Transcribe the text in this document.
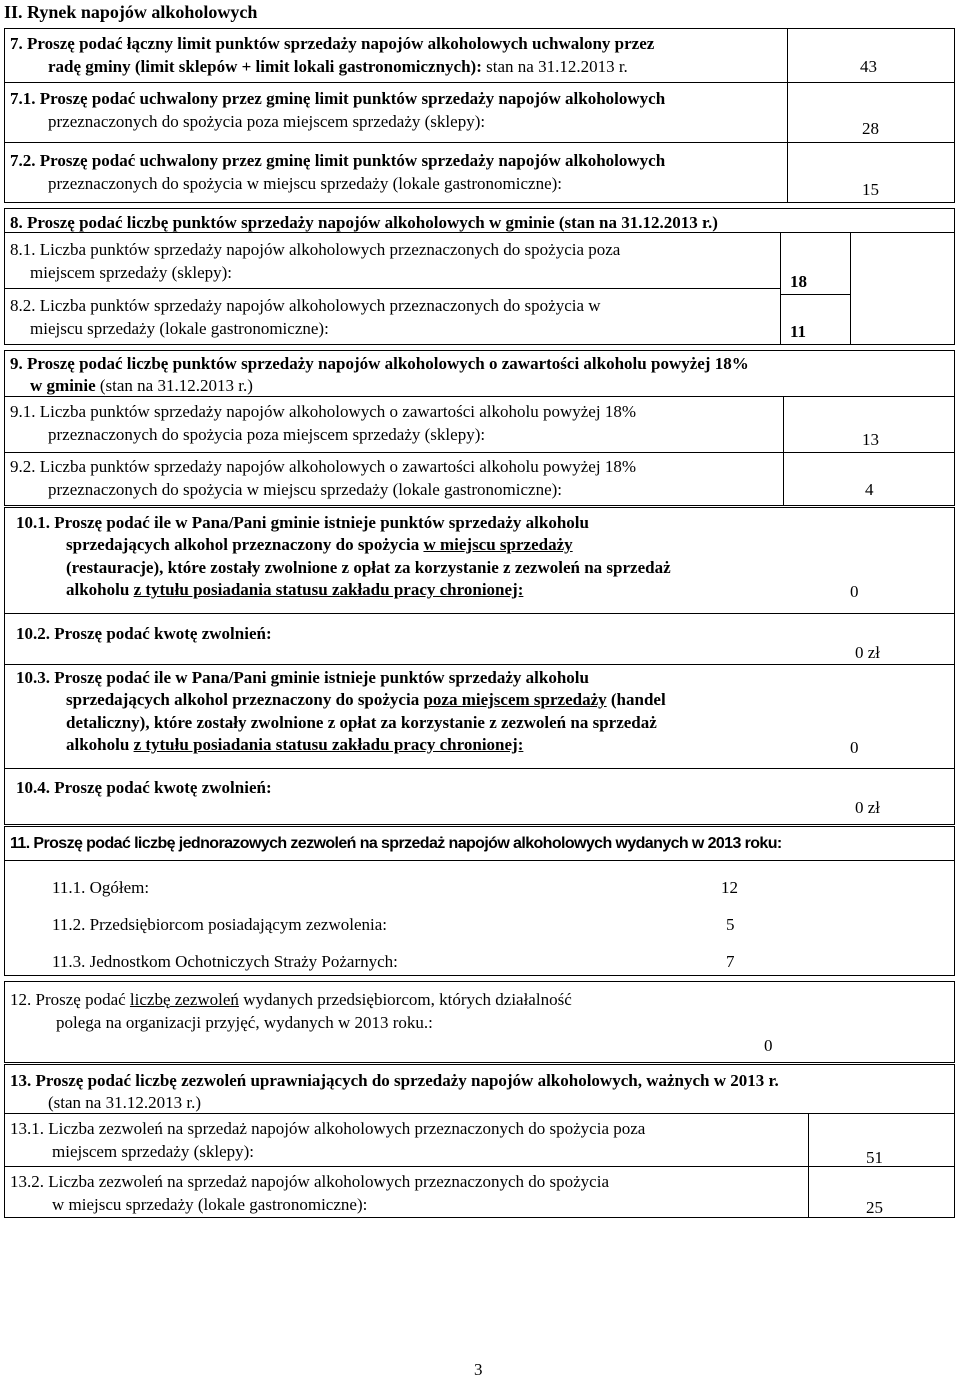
II. Rynek napojów alkoholowych
7. Proszę podać łączny limit punktów sprzedaży napojów alkoholowych uchwalony przez
radę gminy (limit sklepów + limit lokali gastronomicznych): stan na 31.12.2013 r.	43
7.1. Proszę podać uchwalony przez gminę limit punktów sprzedaży napojów alkoholowych
przeznaczonych do spożycia poza miejscem sprzedaży (sklepy):	28
7.2. Proszę podać uchwalony przez gminę limit punktów sprzedaży napojów alkoholowych
przeznaczonych do spożycia w miejscu sprzedaży (lokale gastronomiczne):	15
8. Proszę podać liczbę punktów sprzedaży napojów alkoholowych w gminie (stan na 31.12.2013 r.)
8.1. Liczba punktów sprzedaży napojów alkoholowych przeznaczonych do spożycia poza
miejscem sprzedaży (sklepy):	18
8.2. Liczba punktów sprzedaży napojów alkoholowych przeznaczonych do spożycia w
miejscu sprzedaży (lokale gastronomiczne):	11
9. Proszę podać liczbę punktów sprzedaży napojów alkoholowych o zawartości alkoholu powyżej 18%
w gminie (stan na 31.12.2013 r.)
9.1. Liczba punktów sprzedaży napojów alkoholowych o zawartości alkoholu powyżej 18%
przeznaczonych do spożycia poza miejscem sprzedaży (sklepy):	13
9.2. Liczba punktów sprzedaży napojów alkoholowych o zawartości alkoholu powyżej 18%
przeznaczonych do spożycia w miejscu sprzedaży (lokale gastronomiczne):	4
10.1. Proszę podać ile w Pana/Pani gminie istnieje punktów sprzedaży alkoholu
sprzedających alkohol przeznaczony do spożycia w miejscu sprzedaży
(restauracje), które zostały zwolnione z opłat za korzystanie z zezwoleń na sprzedaż
alkoholu z tytułu posiadania statusu zakładu pracy chronionej:	0
10.2. Proszę podać kwotę zwolnień:
0 zł
10.3. Proszę podać ile w Pana/Pani gminie istnieje punktów sprzedaży alkoholu
sprzedających alkohol przeznaczony do spożycia poza miejscem sprzedaży (handel
detaliczny), które zostały zwolnione z opłat za korzystanie z zezwoleń na sprzedaż
alkoholu z tytułu posiadania statusu zakładu pracy chronionej:	0
10.4. Proszę podać kwotę zwolnień:
0 zł
11. Proszę podać liczbę jednorazowych zezwoleń na sprzedaż napojów alkoholowych wydanych w 2013 roku:
11.1. Ogółem:	12
11.2. Przedsiębiorcom posiadającym zezwolenia:	5
11.3. Jednostkom Ochotniczych Straży Pożarnych:	7
12. Proszę podać liczbę zezwoleń wydanych przedsiębiorcom, których działalność
polega na organizacji przyjęć, wydanych w 2013 roku.:
0
13. Proszę podać liczbę zezwoleń uprawniających do sprzedaży napojów alkoholowych, ważnych w 2013 r.
(stan na 31.12.2013 r.)
13.1. Liczba zezwoleń na sprzedaż napojów alkoholowych przeznaczonych do spożycia poza
miejscem sprzedaży (sklepy):	51
13.2. Liczba zezwoleń na sprzedaż napojów alkoholowych przeznaczonych do spożycia
w miejscu sprzedaży (lokale gastronomiczne):	25
3
